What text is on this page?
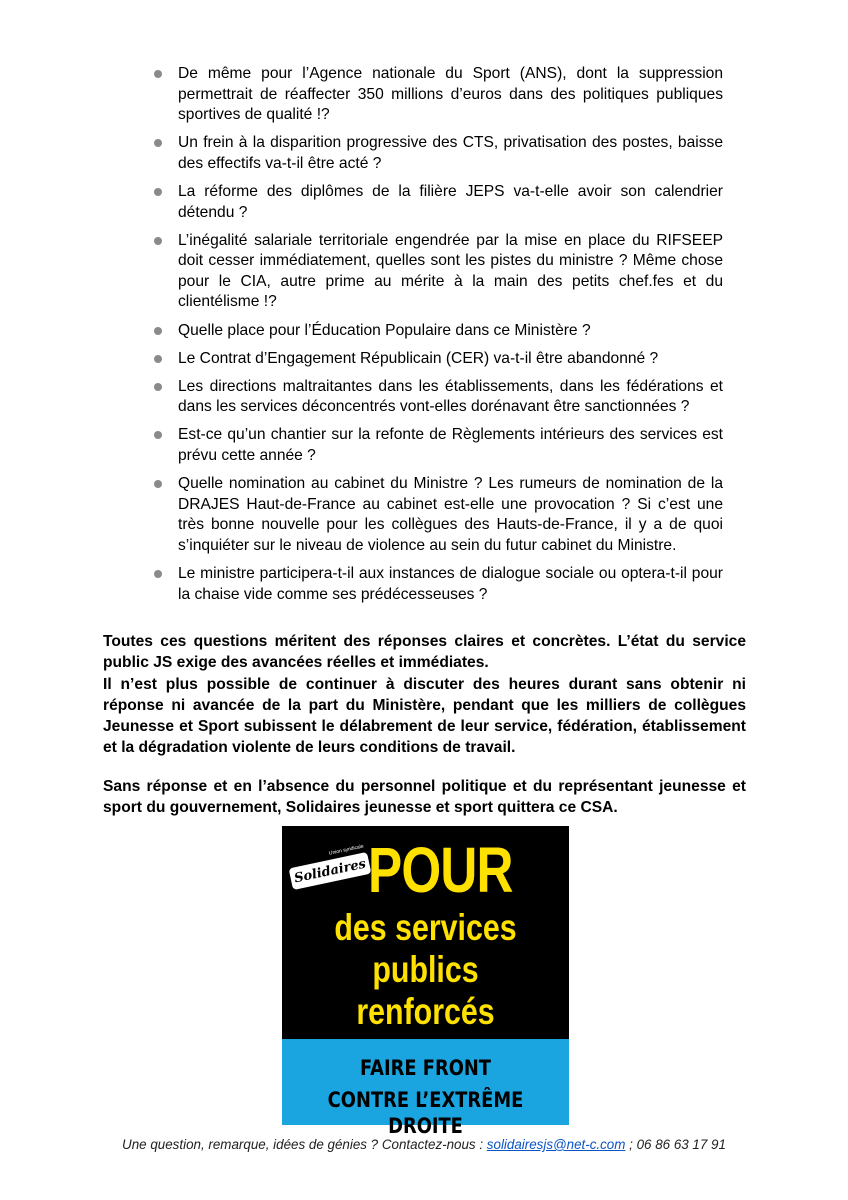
De même pour l’Agence nationale du Sport (ANS), dont la suppression permettrait de réaffecter 350 millions d’euros dans des politiques publiques sportives de qualité !?
Un frein à la disparition progressive des CTS, privatisation des postes, baisse des effectifs va-t-il être acté ?
La réforme des diplômes de la filière JEPS va-t-elle avoir son calendrier détendu ?
L’inégalité salariale territoriale engendrée par la mise en place du RIFSEEP doit cesser immédiatement, quelles sont les pistes du ministre ? Même chose pour le CIA, autre prime au mérite à la main des petits chef.fes et du clientélisme !?
Quelle place pour l’Éducation Populaire dans ce Ministère ?
Le Contrat d’Engagement Républicain (CER) va-t-il être abandonné ?
Les directions maltraitantes dans les établissements, dans les fédérations et dans les services déconcentrés vont-elles dorénavant être sanctionnées ?
Est-ce qu’un chantier sur la refonte de Règlements intérieurs des services est prévu cette année ?
Quelle nomination au cabinet du Ministre ? Les rumeurs de nomination de la DRAJES Haut-de-France au cabinet est-elle une provocation ? Si c’est une très bonne nouvelle pour les collègues des Hauts-de-France, il y a de quoi s’inquiéter sur le niveau de violence au sein du futur cabinet du Ministre.
Le ministre participera-t-il aux instances de dialogue sociale ou optera-t-il pour la chaise vide comme ses prédécesseuses ?

Toutes ces questions méritent des réponses claires et concrètes. L’état du service public JS exige des avancées réelles et immédiates.

Il n’est plus possible de continuer à discuter des heures durant sans obtenir ni réponse ni avancée de la part du Ministère, pendant que les milliers de collègues Jeunesse et Sport subissent le délabrement de leur service, fédération, établissement et la dégradation violente de leurs conditions de travail.

Sans réponse et en l’absence du personnel politique et du représentant jeunesse et sport du gouvernement, Solidaires jeunesse et sport quittera ce CSA.

Union syndicale
Solidaires POUR
des services
publics
renforcés
FAIRE FRONT
CONTRE L’EXTRÊME DROITE
Une question, remarque, idées de génies ? Contactez-nous : solidairesjs@net-c.com ; 06 86 63 17 91
